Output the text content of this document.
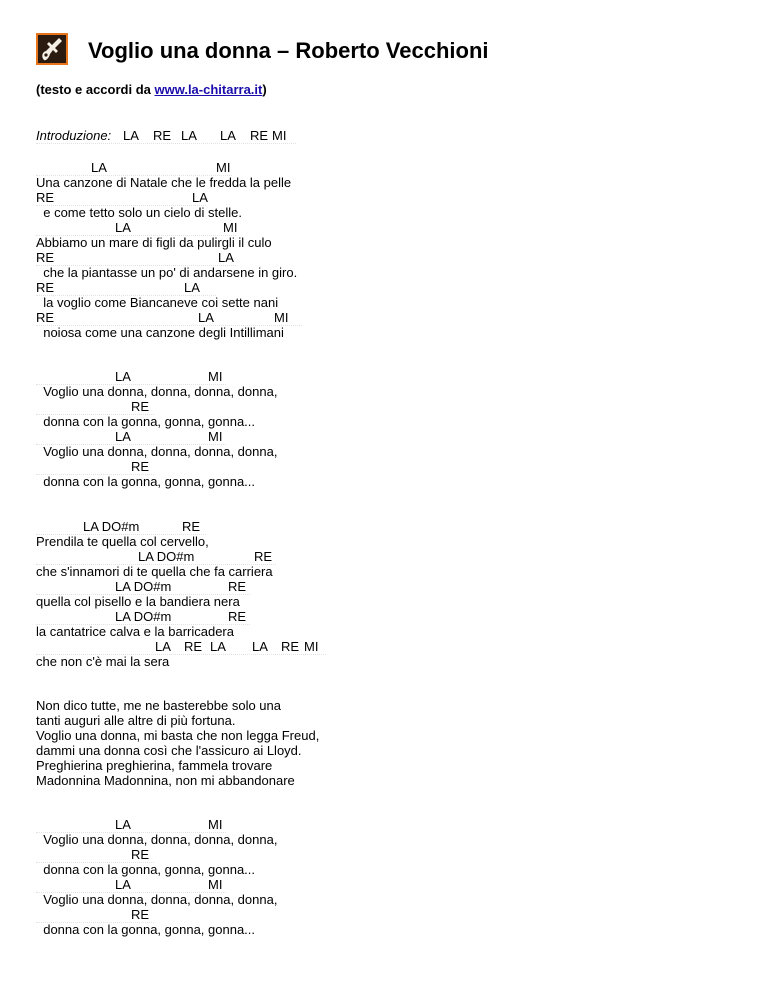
Voglio una donna – Roberto Vecchioni
(testo e accordi da www.la-chitarra.it)

Introduzione:

LA

RE

LA

LA

RE

MI

LA

	MI

Una canzone di Natale che le fredda la pelle

RE

	LA

e come tetto solo un cielo di stelle.

LA

	MI

Abbiamo un mare di figli da pulirgli il culo

RE

	LA

che la piantasse un po' di andarsene in giro.

RE

	LA

la voglio come Biancaneve coi sette nani

RE

	LA

	MI

noiosa come una canzone degli Intillimani

LA

	MI

Voglio una donna, donna, donna, donna,

RE

donna con la gonna, gonna, gonna...

LA

	MI

Voglio una donna, donna, donna, donna,

RE

donna con la gonna, gonna, gonna...

LA DO#m

	RE

Prendila te quella col cervello,

LA DO#m

	RE

che s'innamori di te quella che fa carriera

LA DO#m

	RE

quella col pisello e la bandiera nera

LA DO#m

	RE

la cantatrice calva e la barricadera

LA

RE

LA

LA

RE

MI

che non c'è mai la sera
Non dico tutte, me ne basterebbe solo una
tanti auguri alle altre di più fortuna.
Voglio una donna, mi basta che non legga Freud,
dammi una donna così che l'assicuro ai Lloyd.
Preghierina preghierina, fammela trovare
Madonnina Madonnina, non mi abbandonare

LA

	MI

Voglio una donna, donna, donna, donna,

RE

donna con la gonna, gonna, gonna...

LA

	MI

Voglio una donna, donna, donna, donna,

RE

donna con la gonna, gonna, gonna...
